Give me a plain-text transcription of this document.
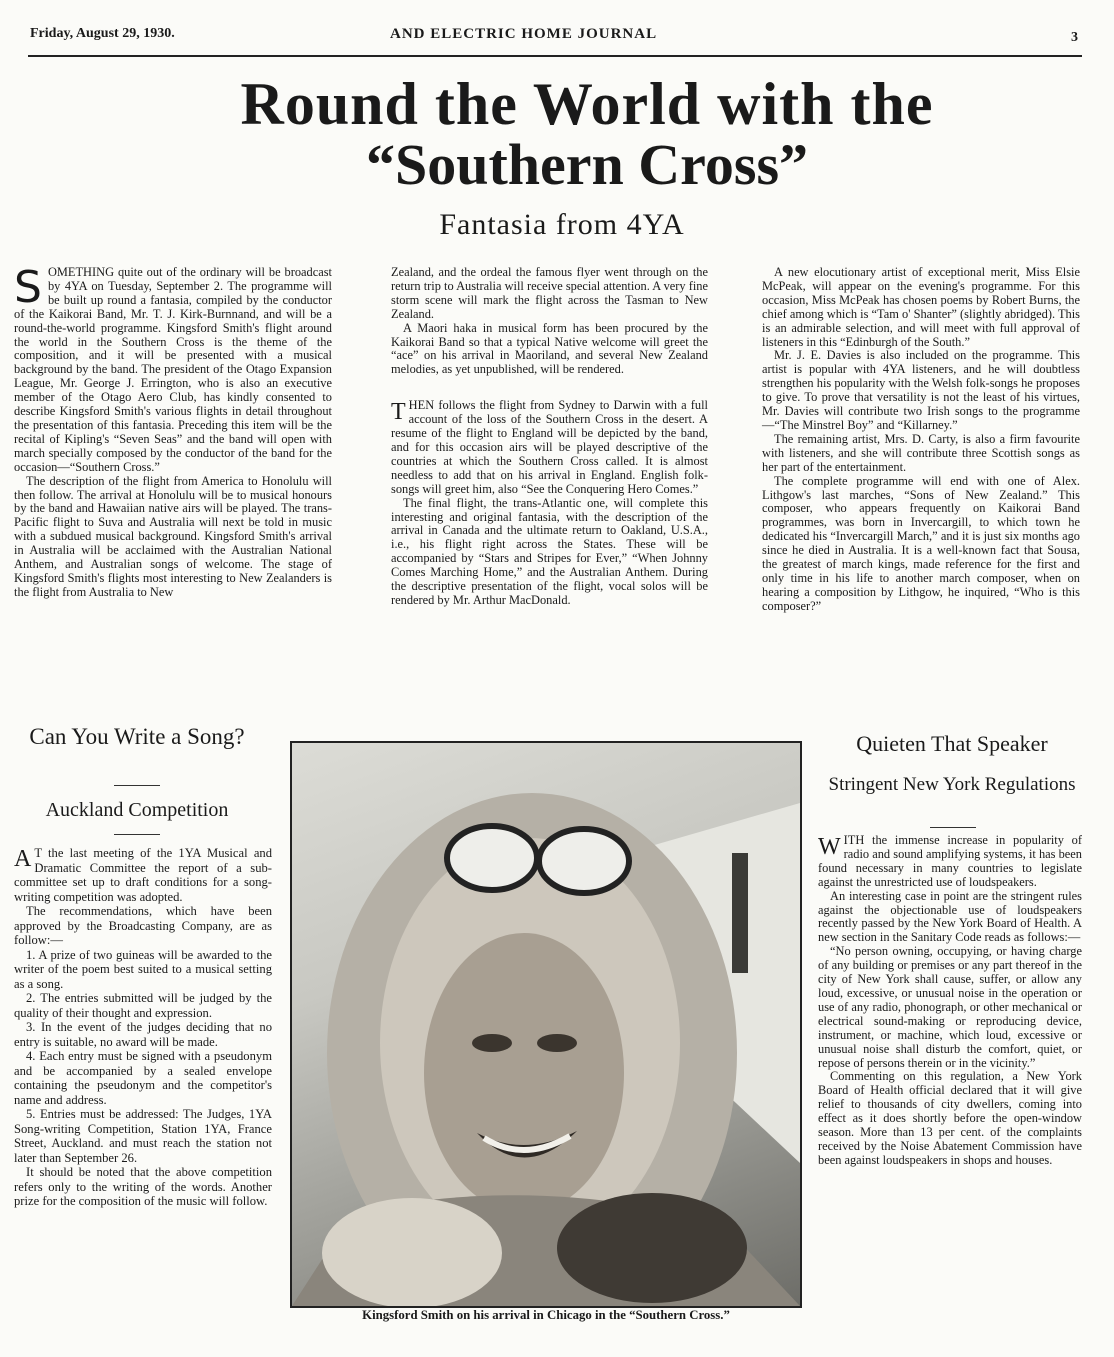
Friday, August 29, 1930.	AND ELECTRIC HOME JOURNAL	3
Round the World with the
“Southern Cross”
Fantasia from 4YA

SOMETHING quite out of the ordinary will be broadcast by 4YA on Tuesday, September 2. The programme will be built up round a fantasia, compiled by the conductor of the Kaikorai Band, Mr. T. J. Kirk-Burnnand, and will be a round-the-world programme. Kingsford Smith's flight around the world in the Southern Cross is the theme of the composition, and it will be presented with a musical background by the band. The president of the Otago Expansion League, Mr. George J. Errington, who is also an executive member of the Otago Aero Club, has kindly consented to describe Kingsford Smith's various flights in detail throughout the presentation of this fantasia. Preceding this item will be the recital of Kipling's “Seven Seas” and the band will open with march specially composed by the conductor of the band for the occasion—“Southern Cross.”

The description of the flight from America to Honolulu will then follow. The arrival at Honolulu will be to musical honours by the band and Hawaiian native airs will be played. The trans-Pacific flight to Suva and Australia will next be told in music with a subdued musical background. Kingsford Smith's arrival in Australia will be acclaimed with the Australian National Anthem, and Australian songs of welcome. The stage of Kingsford Smith's flights most interesting to New Zealanders is the flight from Australia to New

Zealand, and the ordeal the famous flyer went through on the return trip to Australia will receive special attention. A very fine storm scene will mark the flight across the Tasman to New Zealand.

A Maori haka in musical form has been procured by the Kaikorai Band so that a typical Native welcome will greet the “ace” on his arrival in Maoriland, and several New Zealand melodies, as yet unpublished, will be rendered.

THEN follows the flight from Sydney to Darwin with a full account of the loss of the Southern Cross in the desert. A resume of the flight to England will be depicted by the band, and for this occasion airs will be played descriptive of the countries at which the Southern Cross called. It is almost needless to add that on his arrival in England. English folk-songs will greet him, also “See the Conquering Hero Comes.”

The final flight, the trans-Atlantic one, will complete this interesting and original fantasia, with the description of the arrival in Canada and the ultimate return to Oakland, U.S.A., i.e., his flight right across the States. These will be accompanied by “Stars and Stripes for Ever,” “When Johnny Comes Marching Home,” and the Australian Anthem. During the descriptive presentation of the flight, vocal solos will be rendered by Mr. Arthur MacDonald.

A new elocutionary artist of exceptional merit, Miss Elsie McPeak, will appear on the evening's programme. For this occasion, Miss McPeak has chosen poems by Robert Burns, the chief among which is “Tam o' Shanter” (slightly abridged). This is an admirable selection, and will meet with full approval of listeners in this “Edinburgh of the South.”

Mr. J. E. Davies is also included on the programme. This artist is popular with 4YA listeners, and he will doubtless strengthen his popularity with the Welsh folk-songs he proposes to give. To prove that versatility is not the least of his virtues, Mr. Davies will contribute two Irish songs to the programme—“The Minstrel Boy” and “Killarney.”

The remaining artist, Mrs. D. Carty, is also a firm favourite with listeners, and she will contribute three Scottish songs as her part of the entertainment.

The complete programme will end with one of Alex. Lithgow's last marches, “Sons of New Zealand.” This composer, who appears frequently on Kaikorai Band programmes, was born in Invercargill, to which town he dedicated his “Invercargill March,” and it is just six months ago since he died in Australia. It is a well-known fact that Sousa, the greatest of march kings, made reference for the first and only time in his life to another march composer, when on hearing a composition by Lithgow, he inquired, “Who is this composer?”

Can You Write a Song?
Auckland Competition

A T the last meeting of the 1YA Musical and Dramatic Committee the report of a sub-committee set up to draft conditions for a song-writing competition was adopted.

The recommendations, which have been approved by the Broadcasting Company, are as follow:—

1. A prize of two guineas will be awarded to the writer of the poem best suited to a musical setting as a song.

2. The entries submitted will be judged by the quality of their thought and expression.

3. In the event of the judges deciding that no entry is suitable, no award will be made.

4. Each entry must be signed with a pseudonym and be accompanied by a sealed envelope containing the pseudonym and the competitor's name and address.

5. Entries must be addressed: The Judges, 1YA Song-writing Competition, Station 1YA, France Street, Auckland. and must reach the station not later than September 26.

It should be noted that the above competition refers only to the writing of the words. Another prize for the composition of the music will follow.

Kingsford Smith on his arrival in Chicago in the “Southern Cross.”
Quieten That Speaker
Stringent New York Regulations

WITH the immense increase in popularity of radio and sound amplifying systems, it has been found necessary in many countries to legislate against the unrestricted use of loudspeakers.

An interesting case in point are the stringent rules against the objectionable use of loudspeakers recently passed by the New York Board of Health. A new section in the Sanitary Code reads as follows:—

“No person owning, occupying, or having charge of any building or premises or any part thereof in the city of New York shall cause, suffer, or allow any loud, excessive, or unusual noise in the operation or use of any radio, phonograph, or other mechanical or electrical sound-making or reproducing device, instrument, or machine, which loud, excessive or unusual noise shall disturb the comfort, quiet, or repose of persons therein or in the vicinity.”

Commenting on this regulation, a New York Board of Health official declared that it will give relief to thousands of city dwellers, coming into effect as it does shortly before the open-window season. More than 13 per cent. of the complaints received by the Noise Abatement Commission have been against loudspeakers in shops and houses.
